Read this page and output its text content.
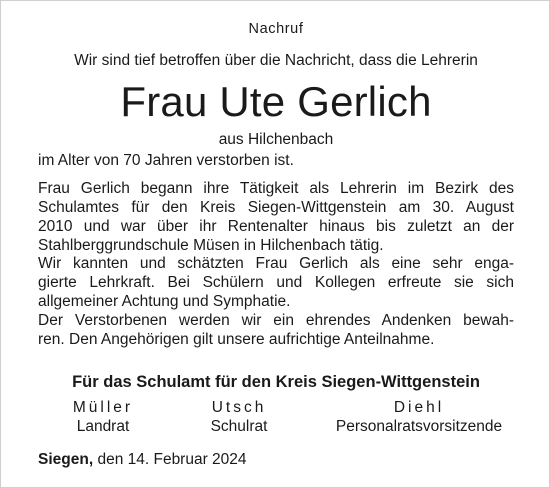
Nachruf
Wir sind tief betroffen über die Nachricht, dass die Lehrerin
Frau Ute Gerlich
aus Hilchenbach
im Alter von 70 Jahren verstorben ist.
Frau Gerlich begann ihre Tätigkeit als Lehrerin im Bezirk des
Schulamtes für den Kreis Siegen-Wittgenstein am 30. August
2010 und war über ihr Rentenalter hinaus bis zuletzt an der
Stahlberggrundschule Müsen in Hilchenbach tätig.
Wir kannten und schätzten Frau Gerlich als eine sehr enga-
gierte Lehrkraft. Bei Schülern und Kollegen erfreute sie sich
allgemeiner Achtung und Symphatie.
Der Verstorbenen werden wir ein ehrendes Andenken bewah-
ren. Den Angehörigen gilt unsere aufrichtige Anteilnahme.
Für das Schulamt für den Kreis Siegen-Wittgenstein
Müller
Landrat
Utsch
Schulrat
Diehl
Personalratsvorsitzende
Siegen, den 14. Februar 2024
